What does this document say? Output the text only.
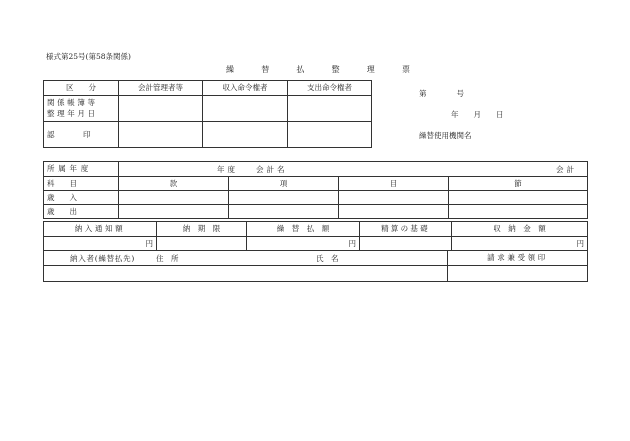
様式第25号(第58条関係)
繰　替　払　整　理　票
区　　分	会計管理者等	収入命令権者	支出命令権者

関係帳簿等
整理年月日			

認　　印			
第　　　　号
年　　月　　日
繰替使用機関名
所属年度	年度 会計名 会計			

科　　目	款	項	目	節
歳　　入				
歳　　出				
納入通知額	納　期　限	繰　替　払　額	精算の基礎	収　納　金　額
円		円		円
納入者(繰替払先) 住　所 氏　名	請求兼受領印
